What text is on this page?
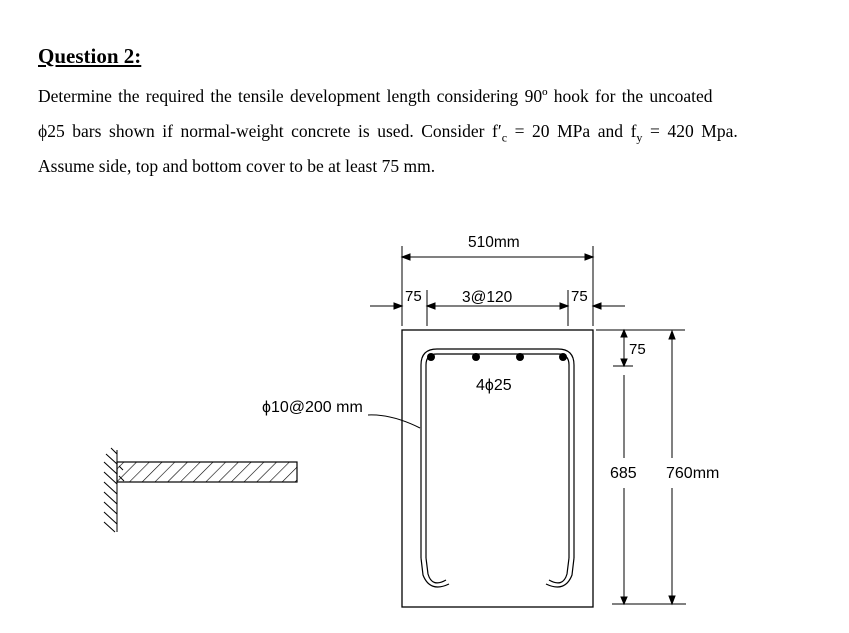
Question 2:

Determine the required the tensile development length considering 90º hook for the uncoated

ϕ25 bars shown if normal-weight concrete is used. Consider $f'_c = 20$ MPa and $f_y = 420$ Mpa.

Assume side, top and bottom cover to be at least 75 mm.

510mm
75	3@120	75
4ϕ25
ϕ10@200 mm
75
685 760mm
